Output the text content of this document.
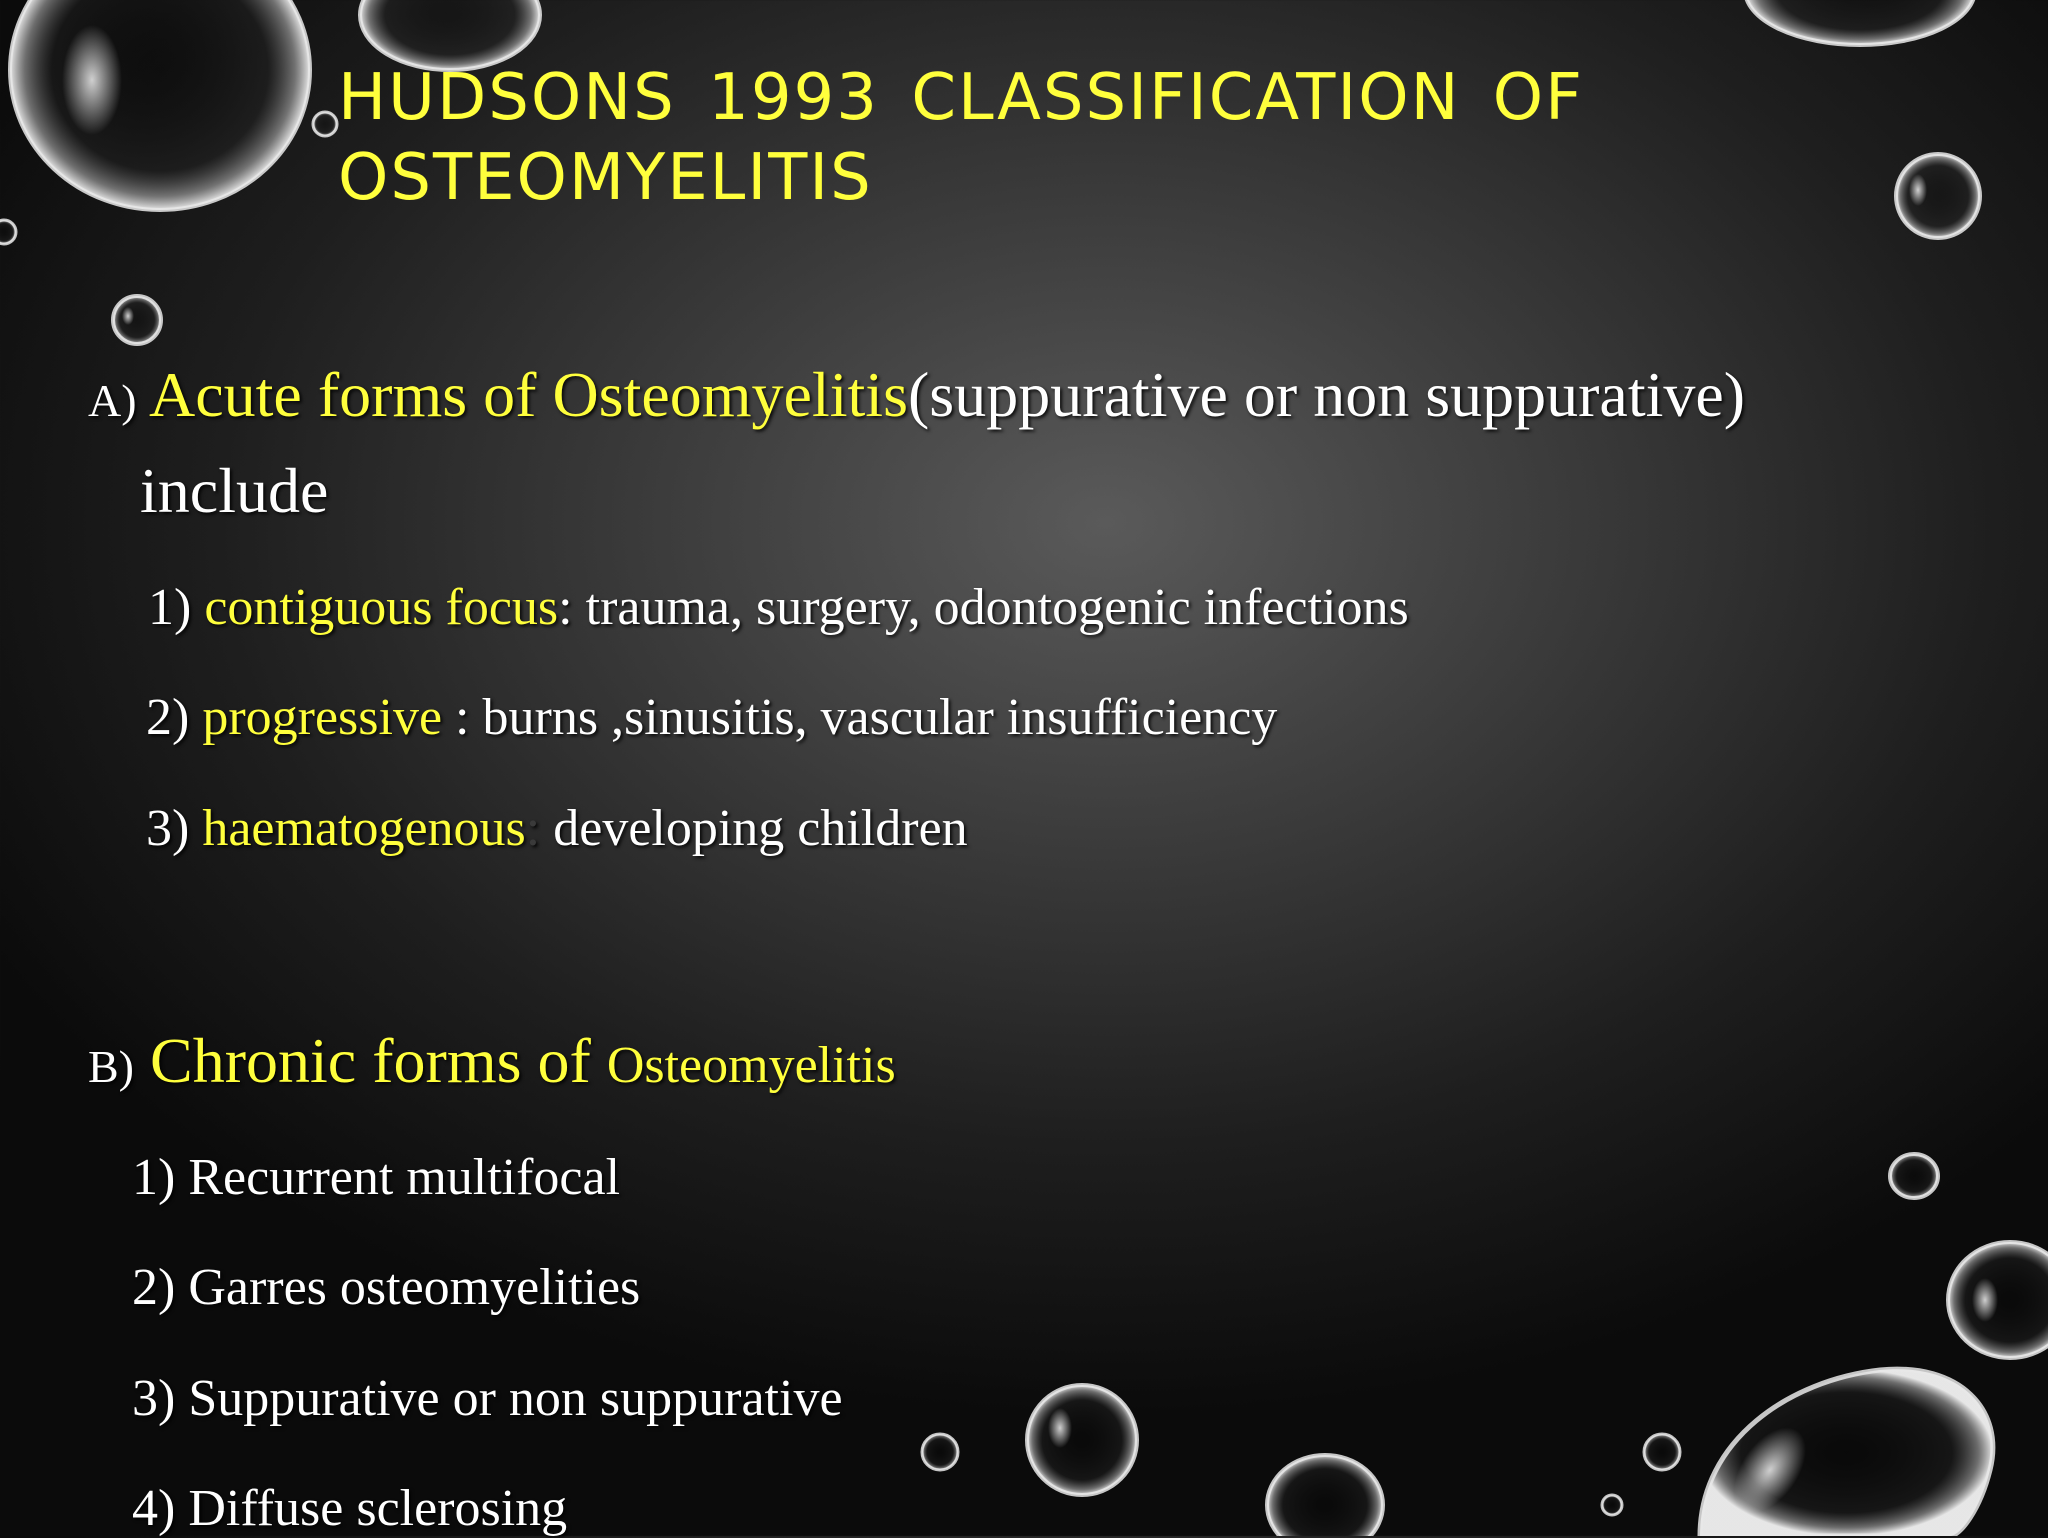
HUDSONS 1993 CLASSIFICATION OF
OSTEOMYELITIS
A) Acute forms of Osteomyelitis(suppurative or non suppurative)
include
1) contiguous focus: trauma, surgery, odontogenic infections
2) progressive : burns ,sinusitis, vascular insufficiency
3) haematogenous: developing children
B) Chronic forms of Osteomyelitis
1) Recurrent multifocal
2) Garres osteomyelities
3) Suppurative or non suppurative
4) Diffuse sclerosing
